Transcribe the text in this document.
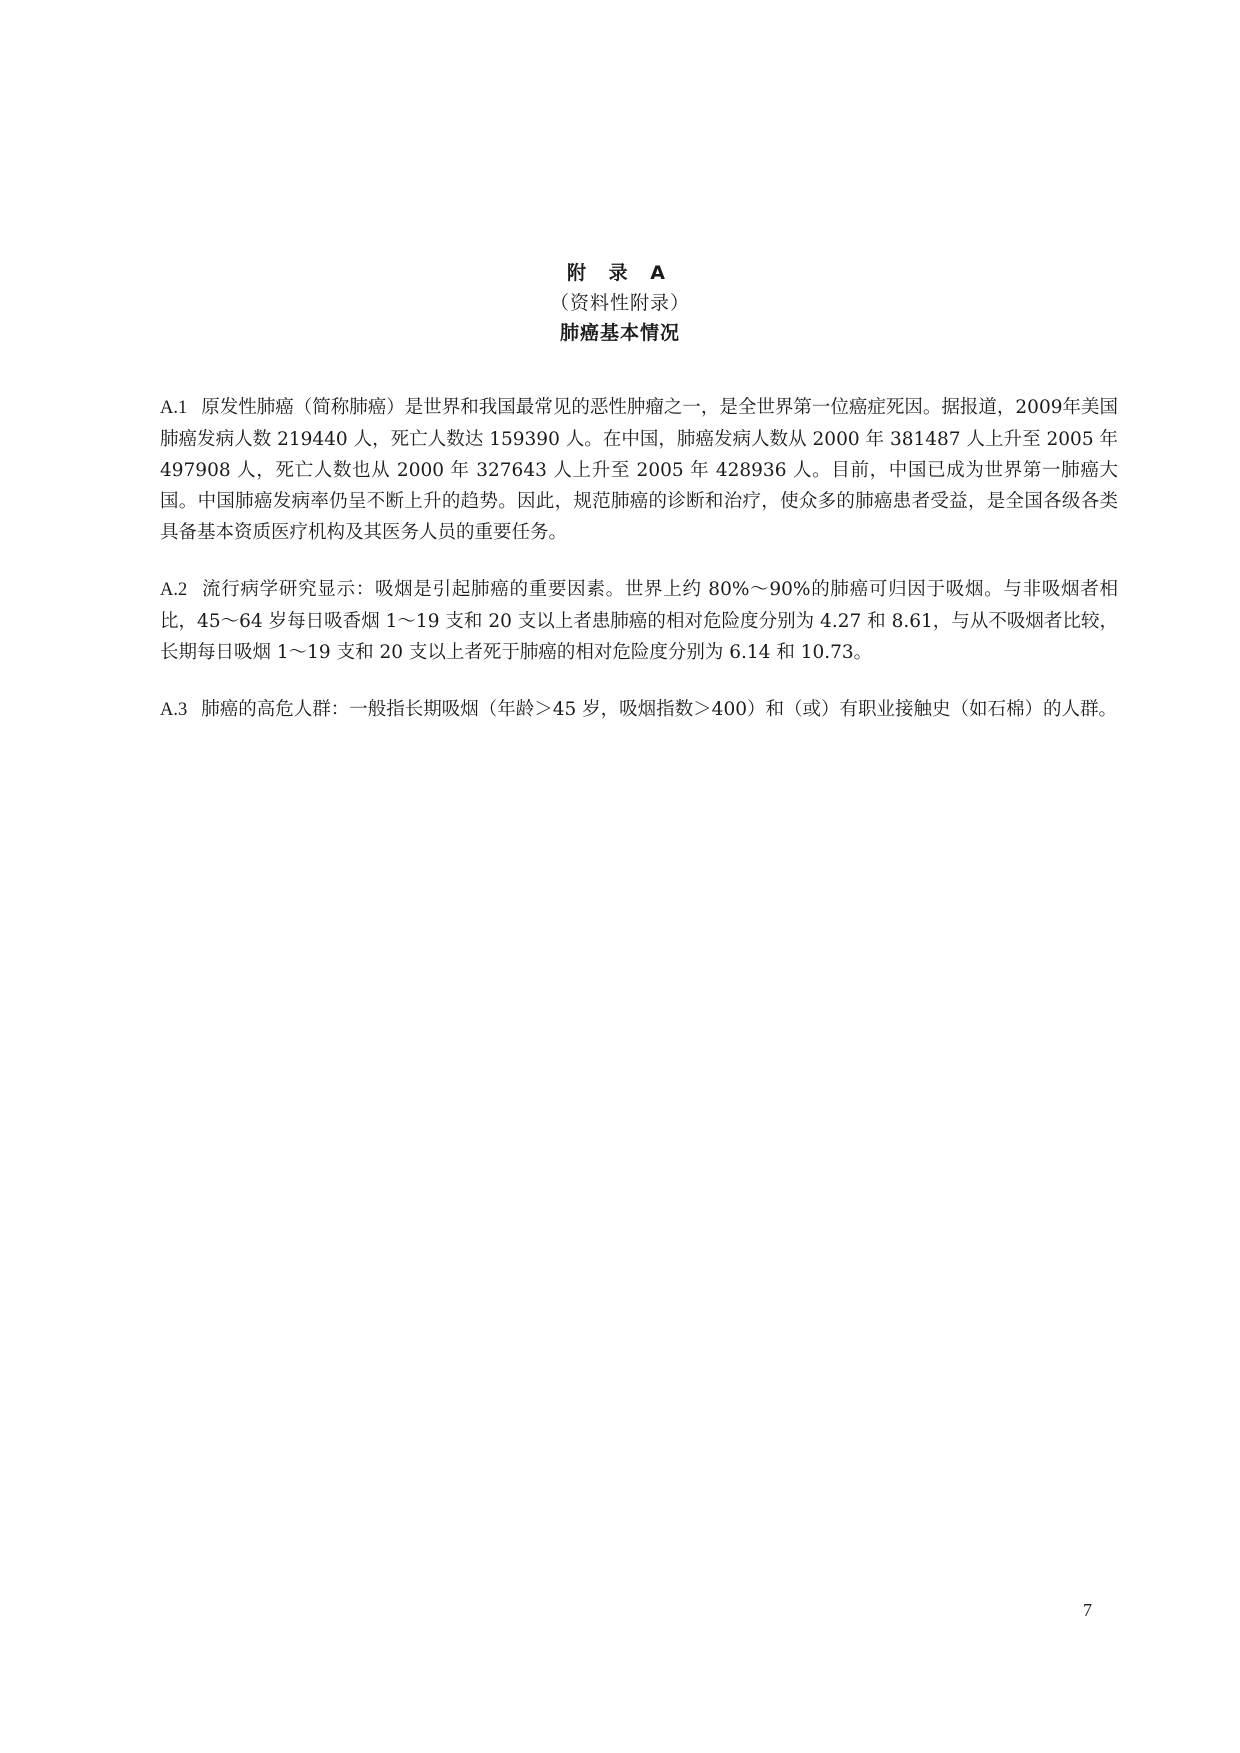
附 录 A

（资料性附录）

肺癌基本情况

A.1 原发性肺癌（简称肺癌）是世界和我国最常见的恶性肿瘤之一，是全世界第一位癌症死因。据报道，2009年美国肺癌发病人数 219440 人，死亡人数达 159390 人。在中国，肺癌发病人数从 2000 年 381487 人上升至 2005 年 497908 人，死亡人数也从 2000 年 327643 人上升至 2005 年 428936 人。目前，中国已成为世界第一肺癌大国。中国肺癌发病率仍呈不断上升的趋势。因此，规范肺癌的诊断和治疗，使众多的肺癌患者受益，是全国各级各类具备基本资质医疗机构及其医务人员的重要任务。

A.2 流行病学研究显示：吸烟是引起肺癌的重要因素。世界上约 80%～90%的肺癌可归因于吸烟。与非吸烟者相比，45～64 岁每日吸香烟 1～19 支和 20 支以上者患肺癌的相对危险度分别为 4.27 和 8.61，与从不吸烟者比较，长期每日吸烟 1～19 支和 20 支以上者死于肺癌的相对危险度分别为 6.14 和 10.73。

A.3 肺癌的高危人群：一般指长期吸烟（年龄＞45 岁，吸烟指数＞400）和（或）有职业接触史（如石棉）的人群。

7
